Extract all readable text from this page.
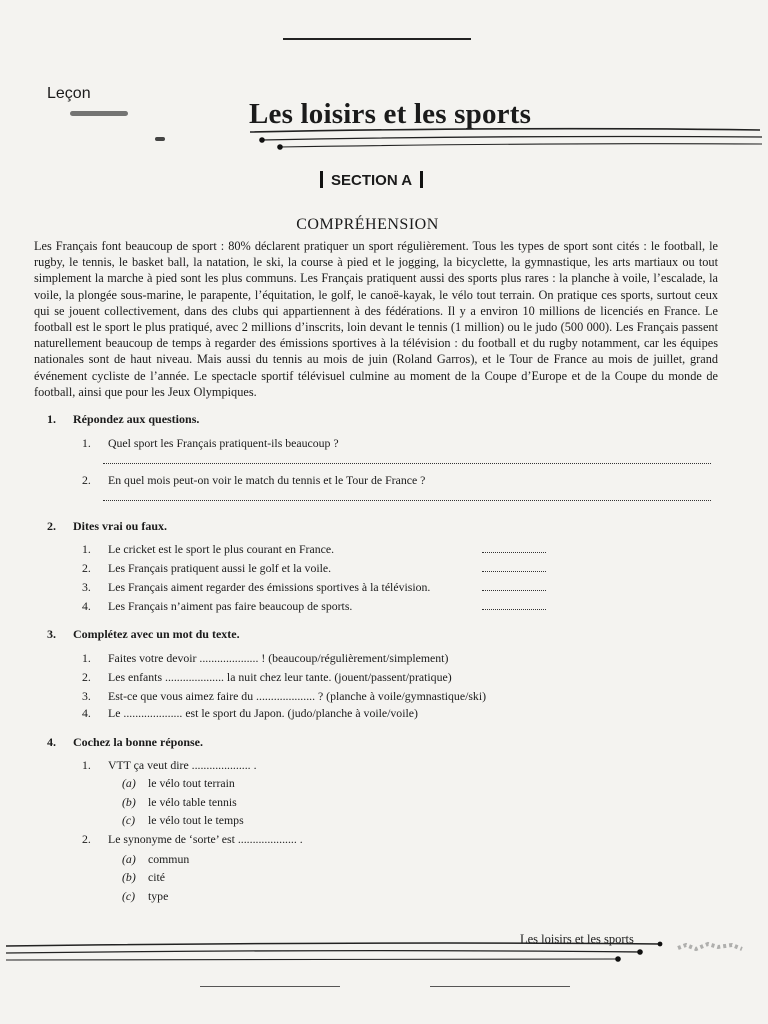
Leçon
Les loisirs et les sports
SECTION A
COMPRÉHENSION
Les Français font beaucoup de sport : 80% déclarent pratiquer un sport régulièrement. Tous les types de sport sont cités : le football, le rugby, le tennis, le basket ball, la natation, le ski, la course à pied et le jogging, la bicyclette, la gymnastique, les arts martiaux ou tout simplement la marche à pied sont les plus communs. Les Français pratiquent aussi des sports plus rares : la planche à voile, l’escalade, la voile, la plongée sous-marine, le parapente, l’équitation, le golf, le canoë-kayak, le vélo tout terrain. On pratique ces sports, surtout ceux qui se jouent collectivement, dans des clubs qui appartiennent à des fédérations. Il y a environ 10 millions de licenciés en France. Le football est le sport le plus pratiqué, avec 2 millions d’inscrits, loin devant le tennis (1 million) ou le judo (500 000). Les Français passent naturellement beaucoup de temps à regarder des émissions sportives à la télévision : du football et du rugby notamment, car les équipes nationales sont de haut niveau. Mais aussi du tennis au mois de juin (Roland Garros), et le Tour de France au mois de juillet, grand événement cycliste de l’année. Le spectacle sportif télévisuel culmine au moment de la Coupe d’Europe et de la Coupe du monde de football, ainsi que pour les Jeux Olympiques.
1. Répondez aux questions.
1. Quel sport les Français pratiquent-ils beaucoup ?
2. En quel mois peut-on voir le match du tennis et le Tour de France ?
2. Dites vrai ou faux.
1. Le cricket est le sport le plus courant en France.
2. Les Français pratiquent aussi le golf et la voile.
3. Les Français aiment regarder des émissions sportives à la télévision.
4. Les Français n’aiment pas faire beaucoup de sports.
3. Complétez avec un mot du texte.
1. Faites votre devoir .................... ! (beaucoup/régulièrement/simplement)
2. Les enfants .................... la nuit chez leur tante. (jouent/passent/pratique)
3. Est-ce que vous aimez faire du .................... ? (planche à voile/gymnastique/ski)
4. Le .................... est le sport du Japon. (judo/planche à voile/voile)
4. Cochez la bonne réponse.
1. VTT ça veut dire .................... .
(a) le vélo tout terrain
(b) le vélo table tennis
(c) le vélo tout le temps
2. Le synonyme de ‘sorte’ est .................... .
(a) commun
(b) cité
(c) type
Les loisirs et les sports
